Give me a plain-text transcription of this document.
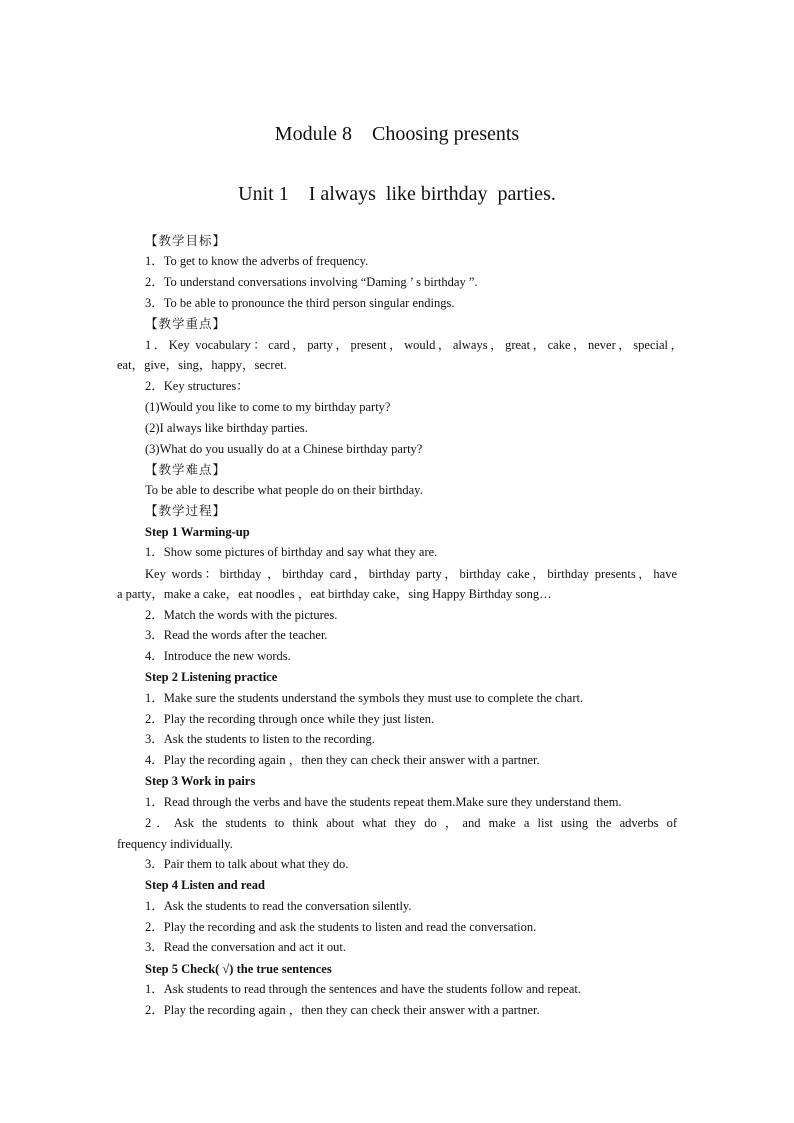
Module 8    Choosing presents
Unit 1    I always  like birthday  parties.
【教学目标】
1．To get to know the adverbs of frequency.
2．To understand conversations involving “Daming ’ s birthday ”.
3．To be able to pronounce the third person singular endings.
【教学重点】
1．Key vocabulary：card，party，present，would，always，great，cake，never，special，
eat，give，sing，happy，secret.
2．Key structures：
(1)Would you like to come to my birthday party?
(2)I always like birthday parties.
(3)What do you usually do at a Chinese birthday party?
【教学难点】
To be able to describe what people do on their birthday.
【教学过程】
Step 1 Warming-up
1．Show some pictures of birthday and say what they are.
Key words：birthday ，birthday card，birthday party，birthday cake，birthday presents，have
a party，make a cake，eat noodles ，eat birthday cake，sing Happy Birthday song…
2．Match the words with the pictures.
3．Read the words after the teacher.
4．Introduce the new words.
Step 2 Listening practice
1．Make sure the students understand the symbols they must use to complete the chart.
2．Play the recording through once while they just listen.
3．Ask the students to listen to the recording.
4．Play the recording again ，then they can check their answer with a partner.
Step 3 Work in pairs
1．Read through the verbs and have the students repeat them.Make sure they understand them.
2．Ask the students to think about what they do ，and make a list using the adverbs of
frequency individually.
3．Pair them to talk about what they do.
Step 4 Listen and read
1．Ask the students to read the conversation silently.
2．Play the recording and ask the students to listen and read the conversation.
3．Read the conversation and act it out.
Step 5 Check( √) the true sentences
1．Ask students to read through the sentences and have the students follow and repeat.
2．Play the recording again ，then they can check their answer with a partner.
